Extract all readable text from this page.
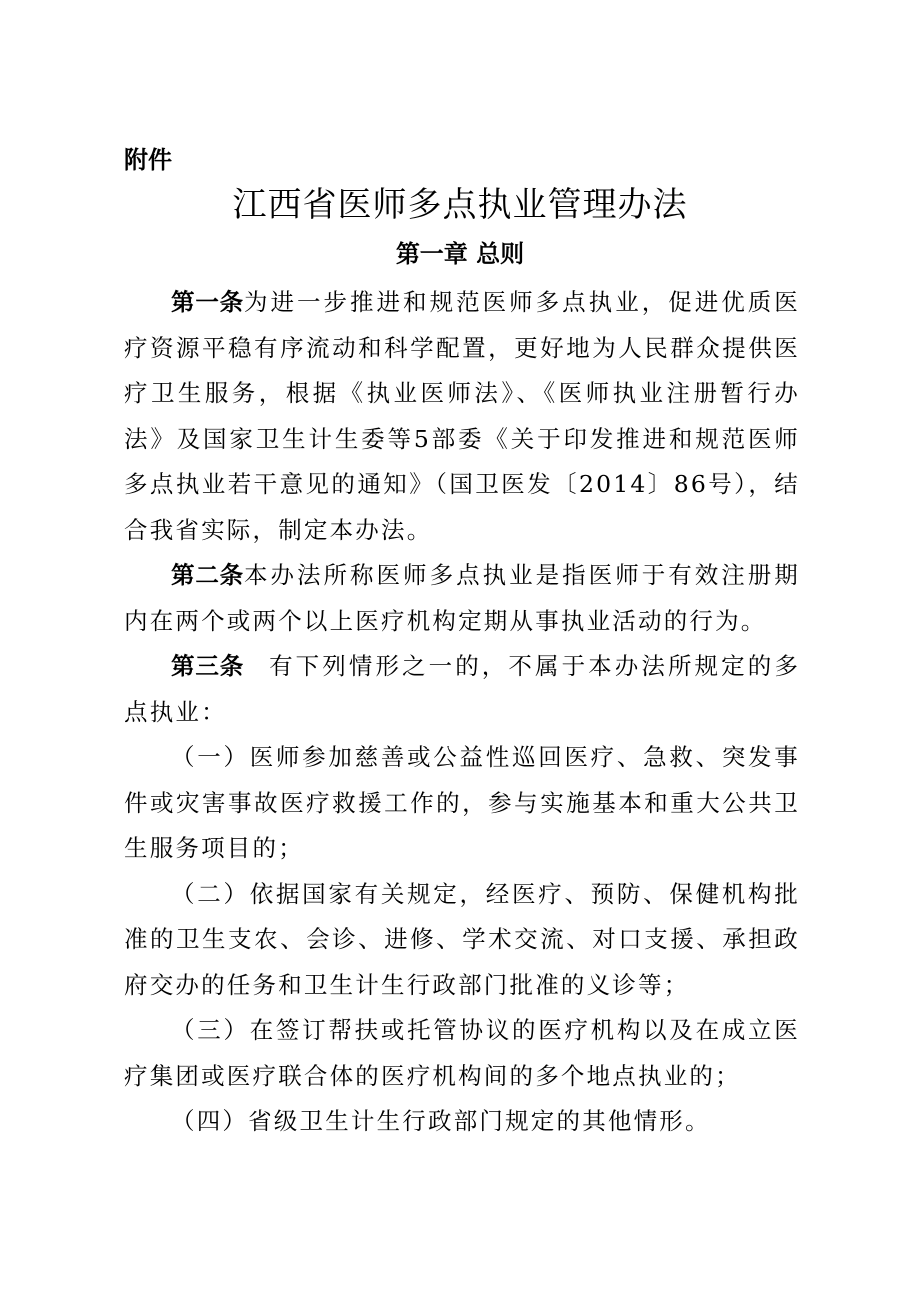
附件
江西省医师多点执业管理办法
第一章 总则

第一条为进一步推进和规范医师多点执业，促进优质医疗资源平稳有序流动和科学配置，更好地为人民群众提供医疗卫生服务，根据《执业医师法》、《医师执业注册暂行办法》及国家卫生计生委等5部委《关于印发推进和规范医师多点执业若干意见的通知》（国卫医发〔2014〕86号），结合我省实际，制定本办法。

第二条本办法所称医师多点执业是指医师于有效注册期内在两个或两个以上医疗机构定期从事执业活动的行为。

第三条 有下列情形之一的，不属于本办法所规定的多点执业：

（一）医师参加慈善或公益性巡回医疗、急救、突发事件或灾害事故医疗救援工作的，参与实施基本和重大公共卫生服务项目的；

（二）依据国家有关规定，经医疗、预防、保健机构批准的卫生支农、会诊、进修、学术交流、对口支援、承担政府交办的任务和卫生计生行政部门批准的义诊等；

（三）在签订帮扶或托管协议的医疗机构以及在成立医疗集团或医疗联合体的医疗机构间的多个地点执业的；

（四）省级卫生计生行政部门规定的其他情形。
